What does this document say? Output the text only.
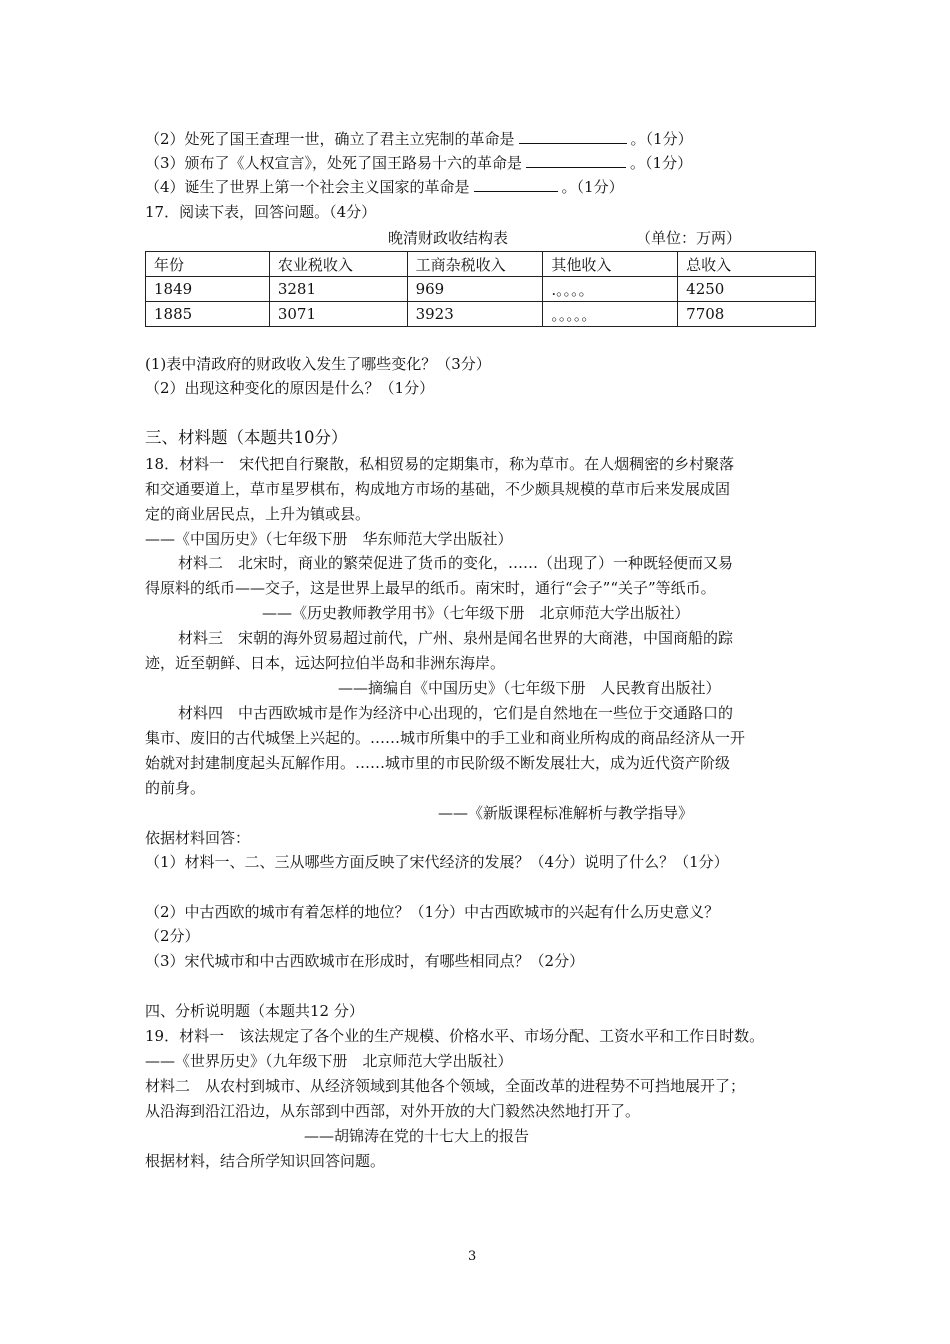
（2）处死了国王查理一世，确立了君主立宪制的革命是	。（1分）
（3）颁布了《人权宣言》，处死了国王路易十六的革命是	。（1分）
（4）诞生了世界上第一个社会主义国家的革命是	。（1分）
17．阅读下表，回答问题。（4分）
晚清财政收结构表	（单位：万两）
年份	农业税收入	工商杂税收入	其他收入	总收入
1849	3281	969	.。。。。	4250
1885	3071	3923	。。。。。	7708
(1)表中清政府的财政收入发生了哪些变化？（3分）
（2）出现这种变化的原因是什么？（1分）
三、材料题（本题共10分）
18．材料一　宋代把自行聚散，私相贸易的定期集市，称为草市。在人烟稠密的乡村聚落
和交通要道上，草市星罗棋布，构成地方市场的基础，不少颇具规模的草市后来发展成固
定的商业居民点，上升为镇或县。
——《中国历史》（七年级下册　华东师范大学出版社）
材料二　北宋时，商业的繁荣促进了货币的变化，……（出现了）一种既轻便而又易
得原料的纸币——交子，这是世界上最早的纸币。南宋时，通行“会子”“关子”等纸币。
——《历史教师教学用书》（七年级下册　北京师范大学出版社）
材料三　宋朝的海外贸易超过前代，广州、泉州是闻名世界的大商港，中国商船的踪
迹，近至朝鲜、日本，远达阿拉伯半岛和非洲东海岸。
——摘编自《中国历史》（七年级下册　人民教育出版社）
材料四　中古西欧城市是作为经济中心出现的，它们是自然地在一些位于交通路口的
集市、废旧的古代城堡上兴起的。……城市所集中的手工业和商业所构成的商品经济从一开
始就对封建制度起头瓦解作用。……城市里的市民阶级不断发展壮大，成为近代资产阶级
的前身。
——《新版课程标准解析与教学指导》
依据材料回答：
（1）材料一、二、三从哪些方面反映了宋代经济的发展？（4分）说明了什么？（1分）
（2）中古西欧的城市有着怎样的地位？（1分）中古西欧城市的兴起有什么历史意义？
（2分）
（3）宋代城市和中古西欧城市在形成时，有哪些相同点？（2分）
四、分析说明题（本题共12 分）
19．材料一　该法规定了各个业的生产规模、价格水平、市场分配、工资水平和工作日时数。
——《世界历史》（九年级下册　北京师范大学出版社）
材料二　从农村到城市、从经济领域到其他各个领域，全面改革的进程势不可挡地展开了；
从沿海到沿江沿边，从东部到中西部，对外开放的大门毅然决然地打开了。
——胡锦涛在党的十七大上的报告
根据材料，结合所学知识回答问题。
3
